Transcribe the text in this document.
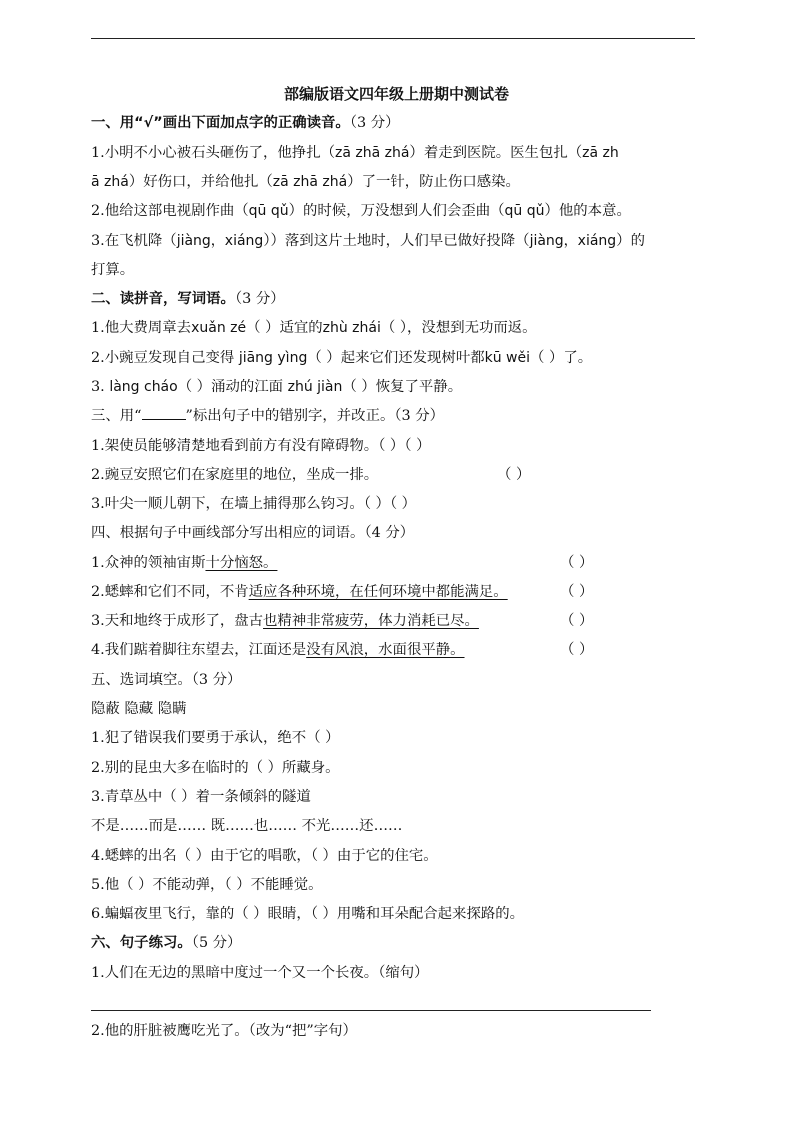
部编版语文四年级上册期中测试卷
一、用“√”画出下面加点字的正确读音。（3 分）
1.小明不小心被石头砸伤了，他挣扎（zā zhā zhá）着走到医院。医生包扎（zā zh
ā zhá）好伤口，并给他扎（zā zhā zhá）了一针，防止伤口感染。
2.他给这部电视剧作曲（qū qǔ）的时候，万没想到人们会歪曲（qū qǔ）他的本意。
3.在飞机降（jiàng，xiáng））落到这片土地时，人们早已做好投降（jiàng，xiáng）的
打算。
二、读拼音，写词语。（3 分）
1.他大费周章去xuǎn zé（ ）适宜的zhù zhái（ ），没想到无功而返。
2.小豌豆发现自己变得 jiāng yìng（ ）起来它们还发现树叶都kū wěi（ ）了。
3. làng cháo（ ）涌动的江面 zhú jiàn（ ）恢复了平静。
三、用“	”标出句子中的错别字，并改正。（3 分）
1.架使员能够清楚地看到前方有没有障碍物。（ ）（ ）
2.豌豆安照它们在家庭里的地位，坐成一排。	（ ）
3.叶尖一顺儿朝下，在墙上捕得那么钧习。（ ）（ ）
四、根据句子中画线部分写出相应的词语。（4 分）
1.众神的领袖宙斯十分恼怒。	（ ）
2.蟋蟀和它们不同，不肯适应各种环境，在任何环境中都能满足。	（ ）
3.天和地终于成形了，盘古也精神非常疲劳，体力消耗已尽。	（ ）
4.我们踮着脚往东望去，江面还是没有风浪，水面很平静。	（ ）
五、选词填空。（3 分）
隐蔽 隐藏 隐瞒
1.犯了错误我们要勇于承认，绝不（ ）
2.别的昆虫大多在临时的（ ）所藏身。
3.青草丛中（ ）着一条倾斜的隧道
不是……而是…… 既……也…… 不光……还……
4.蟋蟀的出名（ ）由于它的唱歌，（ ）由于它的住宅。
5.他（ ）不能动弹，（ ）不能睡觉。
6.蝙蝠夜里飞行，靠的（ ）眼睛，（ ）用嘴和耳朵配合起来探路的。
六、句子练习。（5 分）
1.人们在无边的黑暗中度过一个又一个长夜。（缩句）
2.他的肝脏被鹰吃光了。（改为“把”字句）
